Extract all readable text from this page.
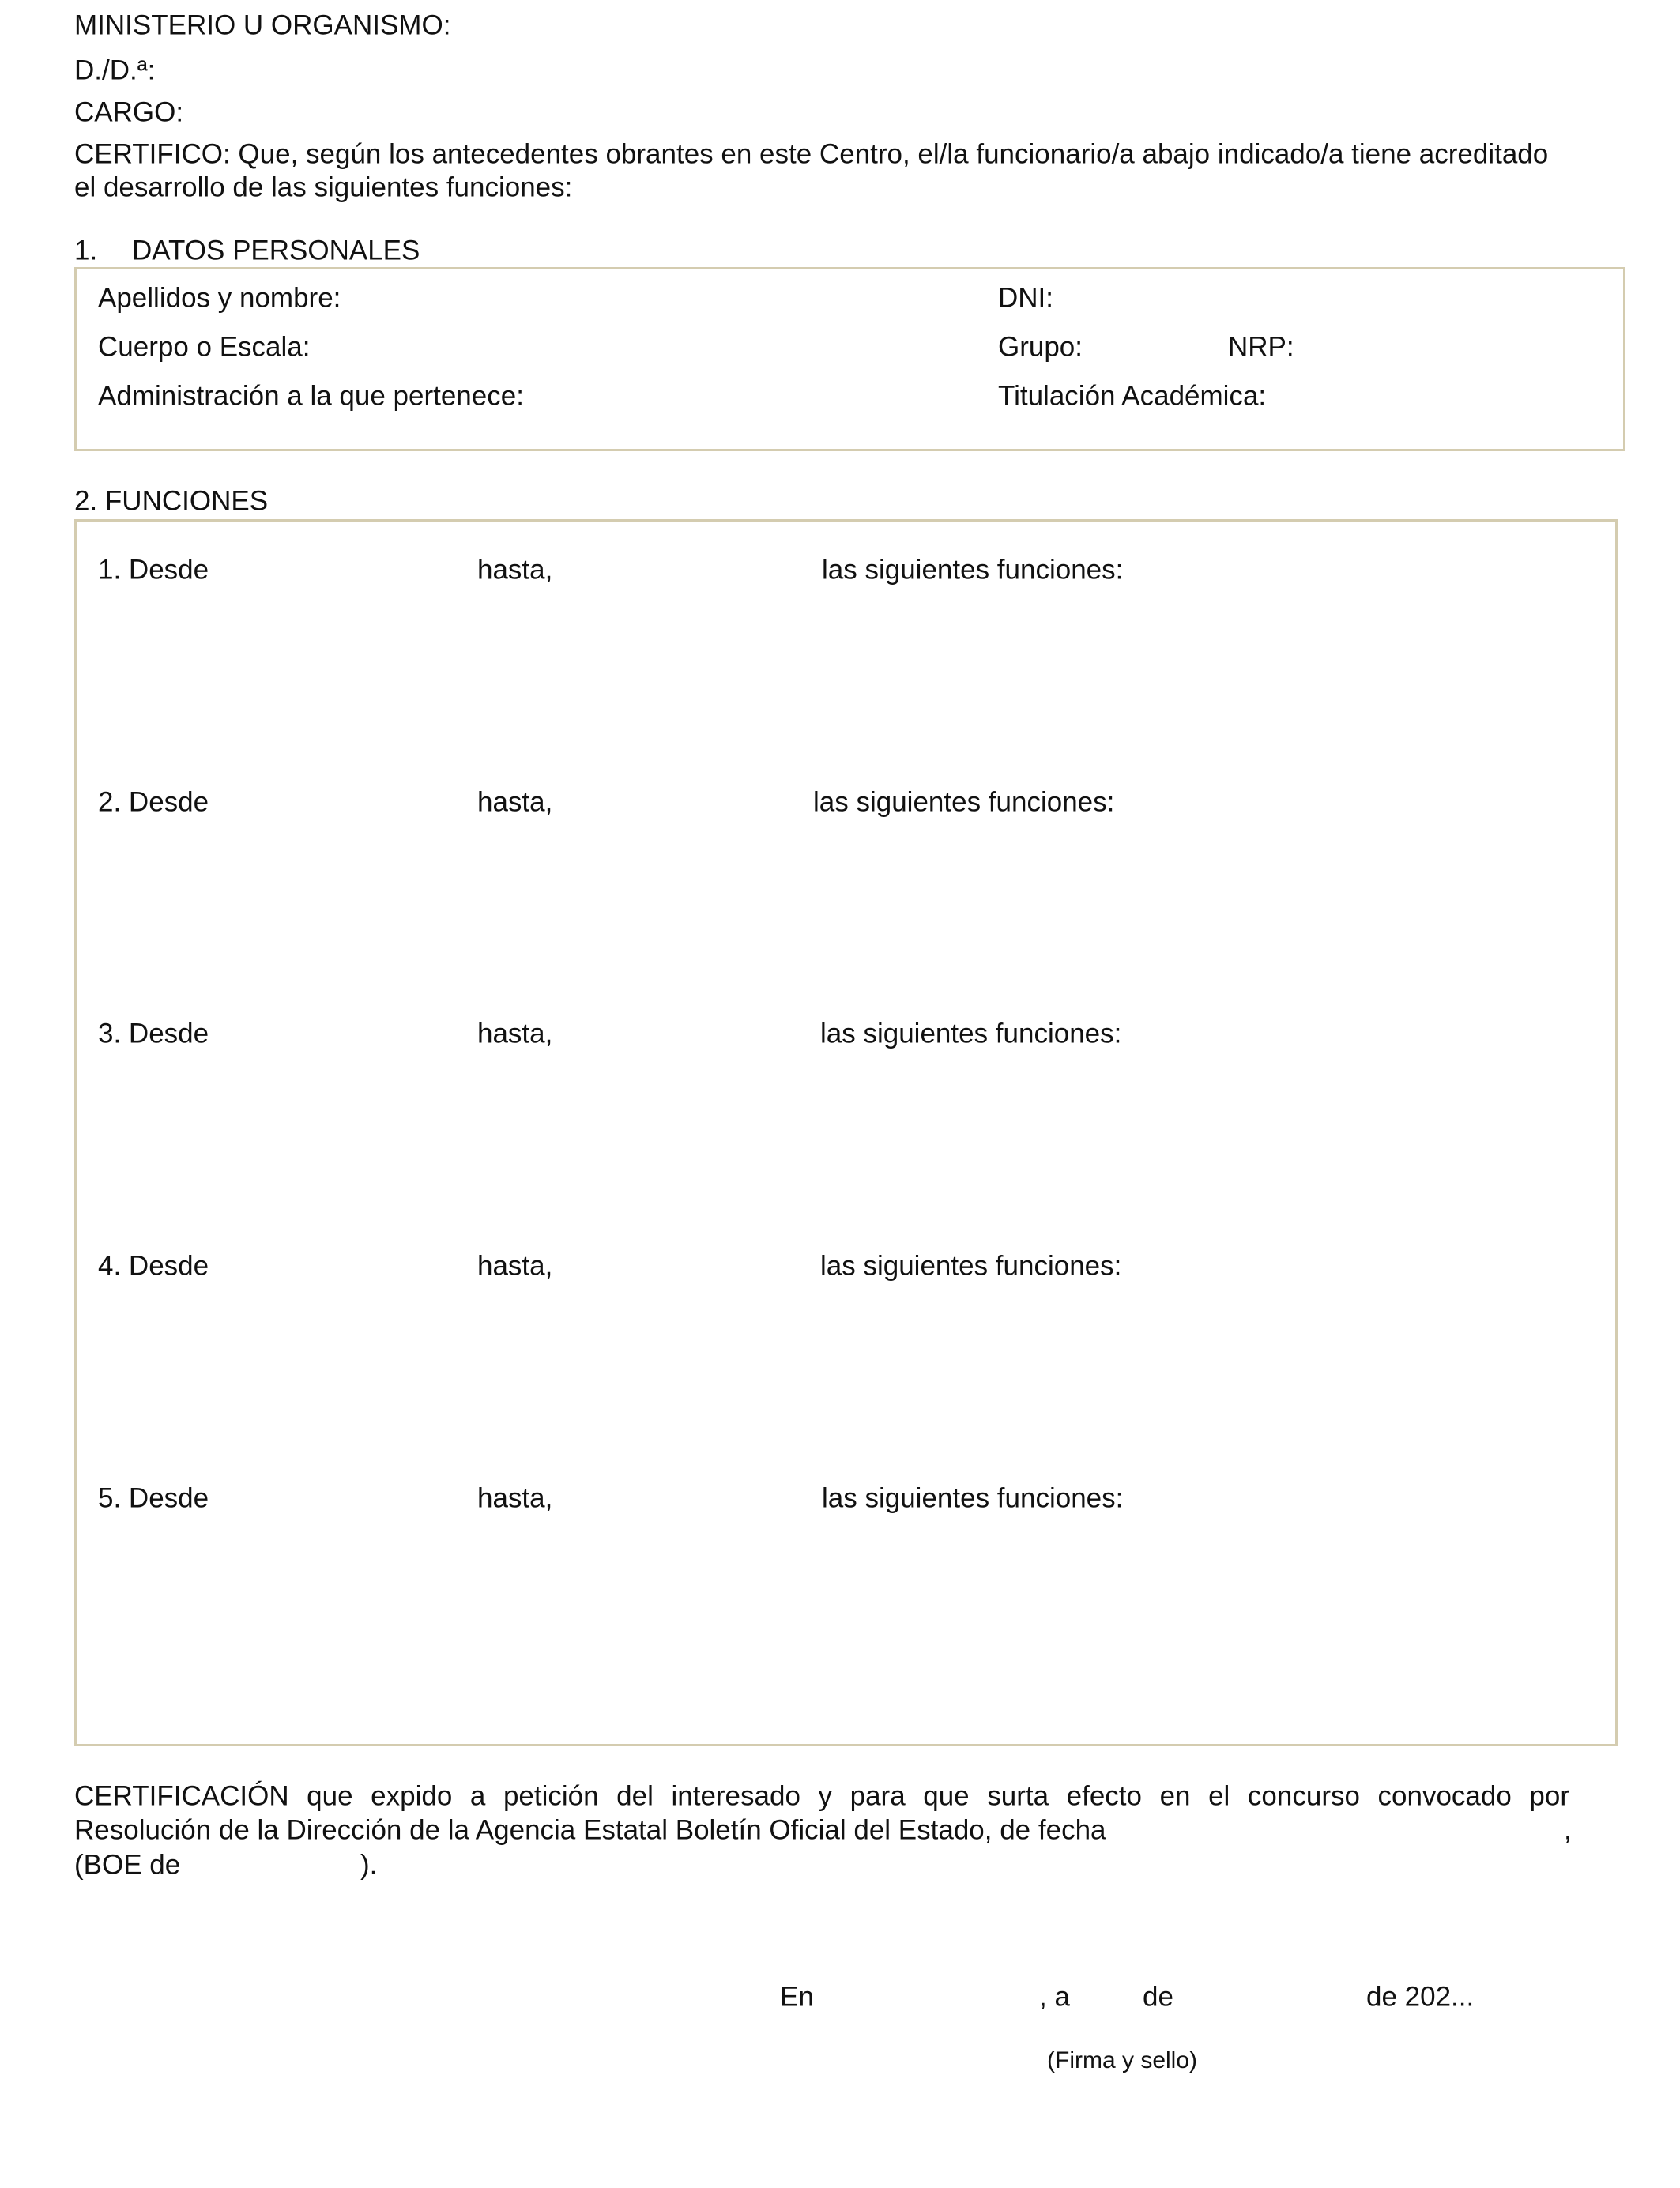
MINISTERIO U ORGANISMO:
D./D.ª:
CARGO:
CERTIFICO: Que, según los antecedentes obrantes en este Centro, el/la funcionario/a abajo indicado/a tiene acreditado
el desarrollo de las siguientes funciones:
1. DATOS PERSONALES
Apellidos y nombre:	DNI:
Cuerpo o Escala:	Grupo:	NRP:
Administración a la que pertenece:	Titulación Académica:
2. FUNCIONES
1. Desde	hasta,	las siguientes funciones:
2. Desde	hasta,	las siguientes funciones:
3. Desde	hasta,	las siguientes funciones:
4. Desde	hasta,	las siguientes funciones:
5. Desde	hasta,	las siguientes funciones:
CERTIFICACIÓN que expido a petición del interesado y para que surta efecto en el concurso convocado por
Resolución de la Dirección de la Agencia Estatal Boletín Oficial del Estado, de fecha	,
(BOE de	).
En	, a	de	de 202...
(Firma y sello)
